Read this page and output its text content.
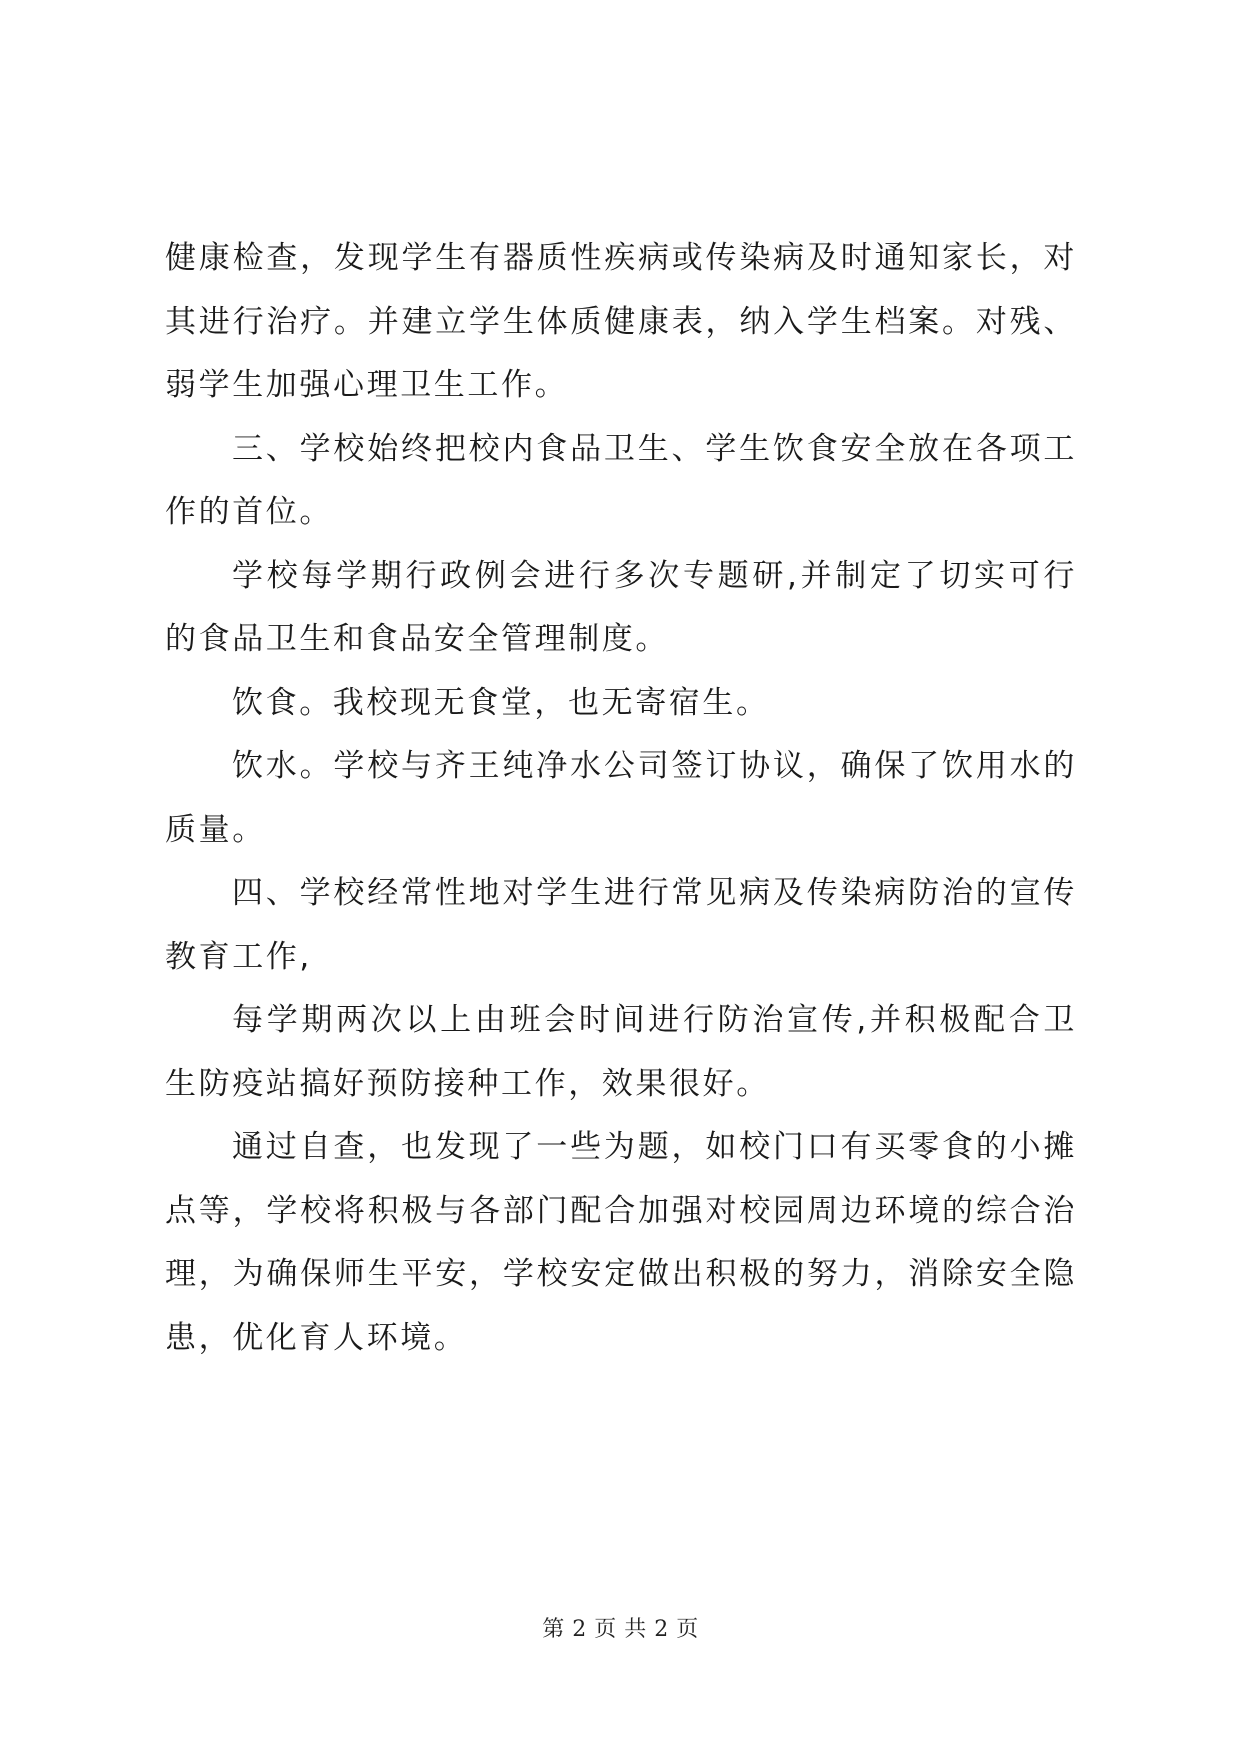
健康检查，发现学生有器质性疾病或传染病及时通知家长，对其进行治疗。并建立学生体质健康表，纳入学生档案。对残、弱学生加强心理卫生工作。

三、学校始终把校内食品卫生、学生饮食安全放在各项工作的首位。

学校每学期行政例会进行多次专题研,并制定了切实可行的食品卫生和食品安全管理制度。

饮食。我校现无食堂，也无寄宿生。

饮水。学校与齐王纯净水公司签订协议，确保了饮用水的质量。

四、学校经常性地对学生进行常见病及传染病防治的宣传教育工作,

每学期两次以上由班会时间进行防治宣传,并积极配合卫生防疫站搞好预防接种工作，效果很好。

通过自查，也发现了一些为题，如校门口有买零食的小摊点等，学校将积极与各部门配合加强对校园周边环境的综合治理，为确保师生平安，学校安定做出积极的努力，消除安全隐患，优化育人环境。

第 2 页 共 2 页
